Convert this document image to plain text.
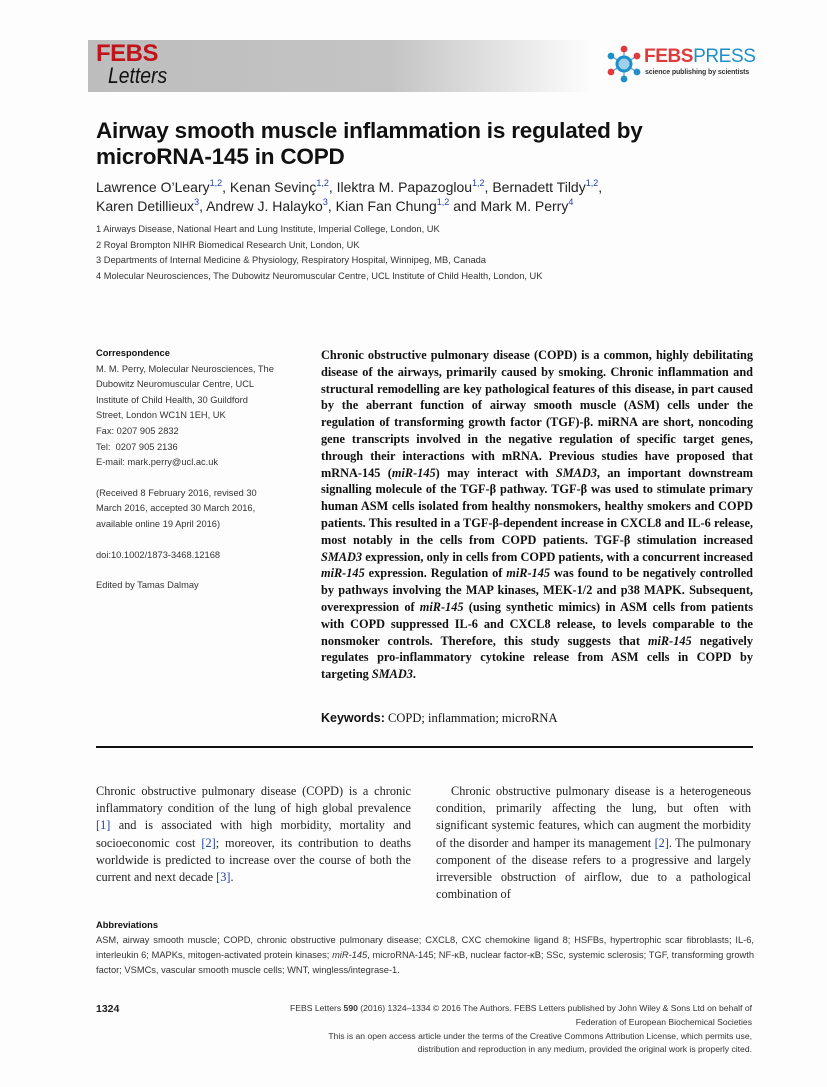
FEBS
Letters
FEBSPRESS
science publishing by scientists
Airway smooth muscle inflammation is regulated by microRNA-145 in COPD
Lawrence O’Leary$^{1,2}$, Kenan Sevinç$^{1,2}$, Ilektra M. Papazoglou$^{1,2}$, Bernadett Tildy$^{1,2}$,
Karen Detillieux$^3$, Andrew J. Halayko$^3$, Kian Fan Chung$^{1,2}$ and Mark M. Perry$^4$
1 Airways Disease, National Heart and Lung Institute, Imperial College, London, UK
2 Royal Brompton NIHR Biomedical Research Unit, London, UK
3 Departments of Internal Medicine & Physiology, Respiratory Hospital, Winnipeg, MB, Canada
4 Molecular Neurosciences, The Dubowitz Neuromuscular Centre, UCL Institute of Child Health, London, UK
Correspondence
M. M. Perry, Molecular Neurosciences, The
Dubowitz Neuromuscular Centre, UCL
Institute of Child Health, 30 Guildford
Street, London WC1N 1EH, UK
Fax: 0207 905 2832
Tel:  0207 905 2136
E-mail: mark.perry@ucl.ac.uk
(Received 8 February 2016, revised 30
March 2016, accepted 30 March 2016,
available online 19 April 2016)
doi:10.1002/1873-3468.12168
Edited by Tamas Dalmay
Chronic obstructive pulmonary disease (COPD) is a common, highly debilitating disease of the airways, primarily caused by smoking. Chronic inflammation and structural remodelling are key pathological features of this disease, in part caused by the aberrant function of airway smooth muscle (ASM) cells under the regulation of transforming growth factor (TGF)-β. miRNA are short, noncoding gene transcripts involved in the negative regulation of specific target genes, through their interactions with mRNA. Previous studies have proposed that mRNA-145 (miR-145) may interact with SMAD3, an important downstream signalling molecule of the TGF-β pathway. TGF-β was used to stimulate primary human ASM cells isolated from healthy nonsmokers, healthy smokers and COPD patients. This resulted in a TGF-β-dependent increase in CXCL8 and IL-6 release, most notably in the cells from COPD patients. TGF-β stimulation increased SMAD3 expression, only in cells from COPD patients, with a concurrent increased miR-145 expression. Regulation of miR-145 was found to be negatively controlled by pathways involving the MAP kinases, MEK-1/2 and p38 MAPK. Subsequent, overexpression of miR-145 (using synthetic mimics) in ASM cells from patients with COPD suppressed IL-6 and CXCL8 release, to levels comparable to the nonsmoker controls. Therefore, this study suggests that miR-145 negatively regulates pro-inflammatory cytokine release from ASM cells in COPD by targeting SMAD3.
Keywords: COPD; inflammation; microRNA
Chronic obstructive pulmonary disease (COPD) is a chronic inflammatory condition of the lung of high global prevalence [1] and is associated with high morbidity, mortality and socioeconomic cost [2]; moreover, its contribution to deaths worldwide is predicted to increase over the course of both the current and next decade [3].
Chronic obstructive pulmonary disease is a heterogeneous condition, primarily affecting the lung, but often with significant systemic features, which can augment the morbidity of the disorder and hamper its management [2]. The pulmonary component of the disease refers to a progressive and largely irreversible obstruction of airflow, due to a pathological combination of
Abbreviations
ASM, airway smooth muscle; COPD, chronic obstructive pulmonary disease; CXCL8, CXC chemokine ligand 8; HSFBs, hypertrophic scar fibroblasts; IL-6, interleukin 6; MAPKs, mitogen-activated protein kinases; miR-145, microRNA-145; NF-κB, nuclear factor-κB; SSc, systemic sclerosis; TGF, transforming growth factor; VSMCs, vascular smooth muscle cells; WNT, wingless/integrase-1.
1324	FEBS Letters 590 (2016) 1324–1334 © 2016 The Authors. FEBS Letters published by John Wiley & Sons Ltd on behalf of
Federation of European Biochemical Societies
This is an open access article under the terms of the Creative Commons Attribution License, which permits use,
distribution and reproduction in any medium, provided the original work is properly cited.
